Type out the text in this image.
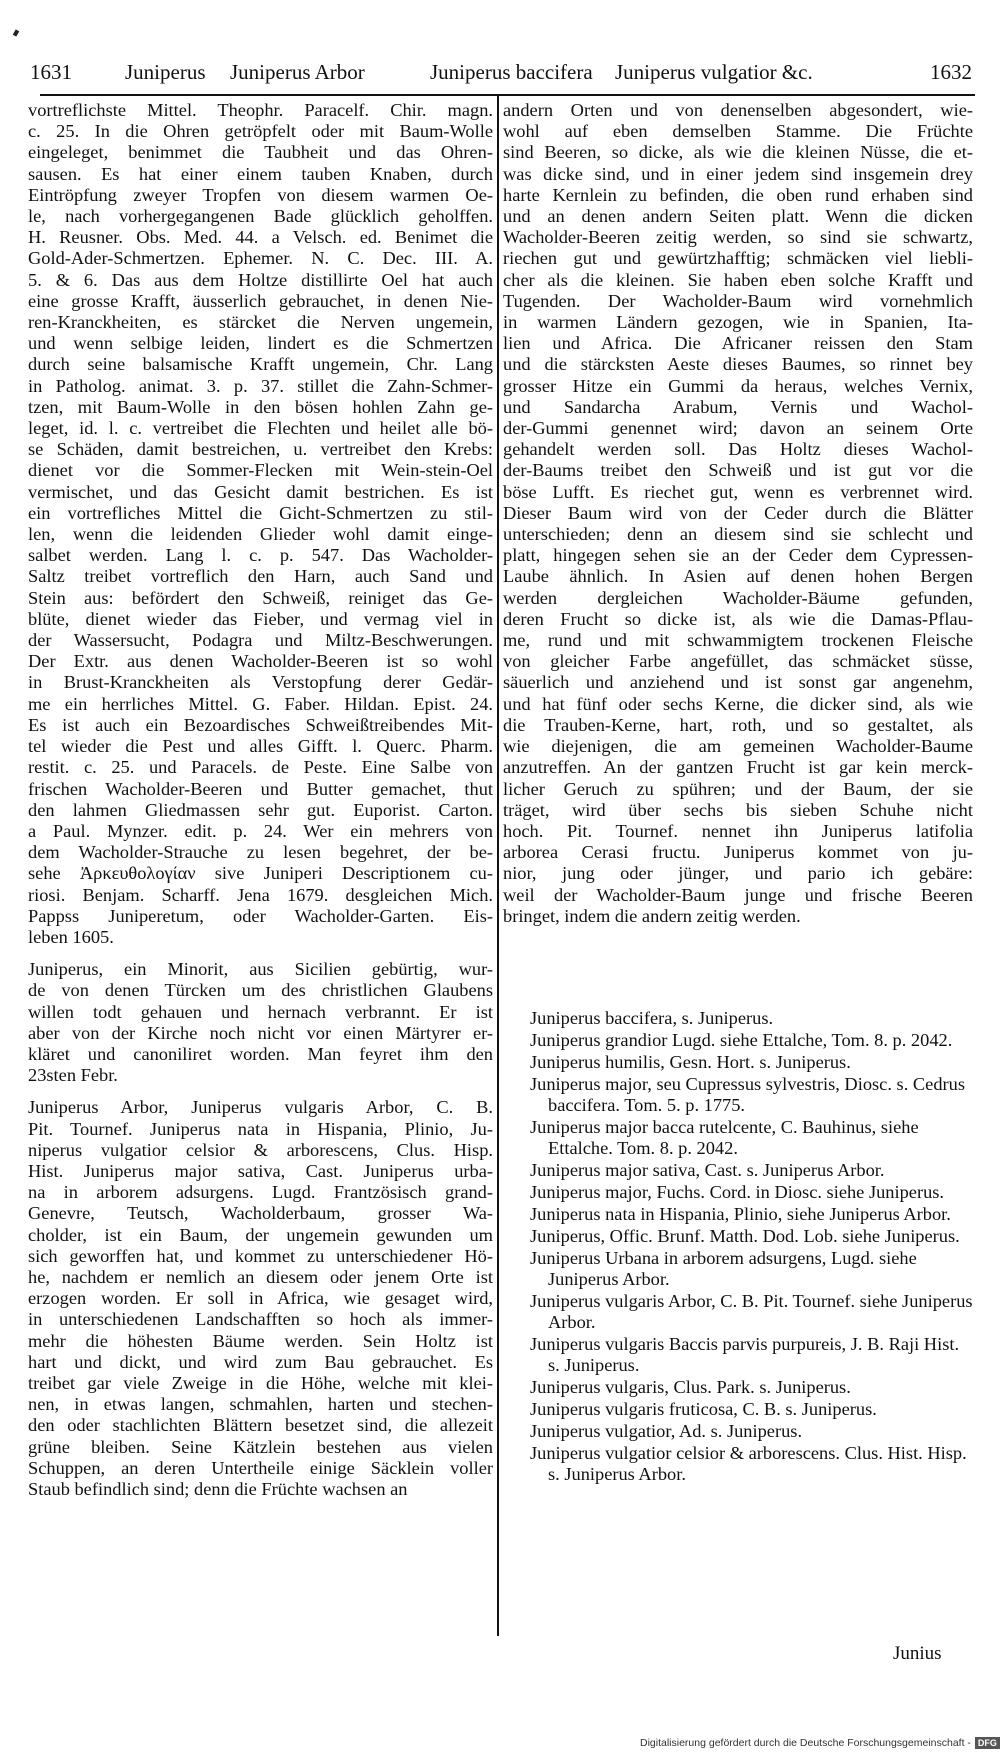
1631	Juniperus Juniperus Arbor	Juniperus baccifera Juniperus vulgatior &c.	1632
vortreflichste Mittel. Theophr. Paracelf. Chir. magn.
c. 25. In die Ohren getröpfelt oder mit Baum-Wolle
eingeleget, benimmet die Taubheit und das Ohren-
sausen. Es hat einer einem tauben Knaben, durch
Eintröpfung zweyer Tropfen von diesem warmen Oe-
le, nach vorhergegangenen Bade glücklich geholffen.
H. Reusner. Obs. Med. 44. a Velsch. ed. Benimet die
Gold-Ader-Schmertzen. Ephemer. N. C. Dec. III. A.
5. & 6. Das aus dem Holtze distillirte Oel hat auch
eine grosse Krafft, äusserlich gebrauchet, in denen Nie-
ren-Kranckheiten, es stärcket die Nerven ungemein,
und wenn selbige leiden, lindert es die Schmertzen
durch seine balsamische Krafft ungemein, Chr. Lang
in Patholog. animat. 3. p. 37. stillet die Zahn-Schmer-
tzen, mit Baum-Wolle in den bösen hohlen Zahn ge-
leget, id. l. c. vertreibet die Flechten und heilet alle bö-
se Schäden, damit bestreichen, u. vertreibet den Krebs:
dienet vor die Sommer-Flecken mit Wein-stein-Oel
vermischet, und das Gesicht damit bestrichen. Es ist
ein vortrefliches Mittel die Gicht-Schmertzen zu stil-
len, wenn die leidenden Glieder wohl damit einge-
salbet werden. Lang l. c. p. 547. Das Wacholder-
Saltz treibet vortreflich den Harn, auch Sand und
Stein aus: befördert den Schweiß, reiniget das Ge-
blüte, dienet wieder das Fieber, und vermag viel in
der Wassersucht, Podagra und Miltz-Beschwerungen.
Der Extr. aus denen Wacholder-Beeren ist so wohl
in Brust-Kranckheiten als Verstopfung derer Gedär-
me ein herrliches Mittel. G. Faber. Hildan. Epist. 24.
Es ist auch ein Bezoardisches Schweißtreibendes Mit-
tel wieder die Pest und alles Gifft. l. Querc. Pharm.
restit. c. 25. und Paracels. de Peste. Eine Salbe von
frischen Wacholder-Beeren und Butter gemachet, thut
den lahmen Gliedmassen sehr gut. Euporist. Carton.
a Paul. Mynzer. edit. p. 24. Wer ein mehrers von
dem Wacholder-Strauche zu lesen begehret, der be-
sehe Ἀρκευθολογίαν sive Juniperi Descriptionem cu-
riosi. Benjam. Scharff. Jena 1679. desgleichen Mich.
Pappss Juniperetum, oder Wacholder-Garten. Eis-
leben 1605.
Juniperus, ein Minorit, aus Sicilien gebürtig, wur-
de von denen Türcken um des christlichen Glaubens
willen todt gehauen und hernach verbrannt. Er ist
aber von der Kirche noch nicht vor einen Märtyrer er-
kläret und canoniliret worden. Man feyret ihm den
23sten Febr.
Juniperus Arbor, Juniperus vulgaris Arbor, C. B.
Pit. Tournef. Juniperus nata in Hispania, Plinio, Ju-
niperus vulgatior celsior & arborescens, Clus. Hisp.
Hist. Juniperus major sativa, Cast. Juniperus urba-
na in arborem adsurgens. Lugd. Frantzösisch grand-
Genevre, Teutsch, Wacholderbaum, grosser Wa-
cholder, ist ein Baum, der ungemein gewunden um
sich geworffen hat, und kommet zu unterschiedener Hö-
he, nachdem er nemlich an diesem oder jenem Orte ist
erzogen worden. Er soll in Africa, wie gesaget wird,
in unterschiedenen Landschafften so hoch als immer-
mehr die höhesten Bäume werden. Sein Holtz ist
hart und dickt, und wird zum Bau gebrauchet. Es
treibet gar viele Zweige in die Höhe, welche mit klei-
nen, in etwas langen, schmahlen, harten und stechen-
den oder stachlichten Blättern besetzet sind, die allezeit
grüne bleiben. Seine Kätzlein bestehen aus vielen
Schuppen, an deren Untertheile einige Säcklein voller
Staub befindlich sind; denn die Früchte wachsen an
andern Orten und von denenselben abgesondert, wie-
wohl auf eben demselben Stamme. Die Früchte
sind Beeren, so dicke, als wie die kleinen Nüsse, die et-
was dicke sind, und in einer jedem sind insgemein drey
harte Kernlein zu befinden, die oben rund erhaben sind
und an denen andern Seiten platt. Wenn die dicken
Wacholder-Beeren zeitig werden, so sind sie schwartz,
riechen gut und gewürtzhafftig; schmäcken viel liebli-
cher als die kleinen. Sie haben eben solche Krafft und
Tugenden. Der Wacholder-Baum wird vornehmlich
in warmen Ländern gezogen, wie in Spanien, Ita-
lien und Africa. Die Africaner reissen den Stam
und die stärcksten Aeste dieses Baumes, so rinnet bey
grosser Hitze ein Gummi da heraus, welches Vernix,
und Sandarcha Arabum, Vernis und Wachol-
der-Gummi genennet wird; davon an seinem Orte
gehandelt werden soll. Das Holtz dieses Wachol-
der-Baums treibet den Schweiß und ist gut vor die
böse Lufft. Es riechet gut, wenn es verbrennet wird.
Dieser Baum wird von der Ceder durch die Blätter
unterschieden; denn an diesem sind sie schlecht und
platt, hingegen sehen sie an der Ceder dem Cypressen-
Laube ähnlich. In Asien auf denen hohen Bergen
werden dergleichen Wacholder-Bäume gefunden,
deren Frucht so dicke ist, als wie die Damas-Pflau-
me, rund und mit schwammigtem trockenen Fleische
von gleicher Farbe angefüllet, das schmäcket süsse,
säuerlich und anziehend und ist sonst gar angenehm,
und hat fünf oder sechs Kerne, die dicker sind, als wie
die Trauben-Kerne, hart, roth, und so gestaltet, als
wie diejenigen, die am gemeinen Wacholder-Baume
anzutreffen. An der gantzen Frucht ist gar kein merck-
licher Geruch zu spühren; und der Baum, der sie
träget, wird über sechs bis sieben Schuhe nicht
hoch. Pit. Tournef. nennet ihn Juniperus latifolia
arborea Cerasi fructu. Juniperus kommet von ju-
nior, jung oder jünger, und pario ich gebäre:
weil der Wacholder-Baum junge und frische Beeren
bringet, indem die andern zeitig werden.
Juniperus baccifera, s. Juniperus.
Juniperus grandior Lugd. siehe Ettalche, Tom. 8. p. 2042.
Juniperus humilis, Gesn. Hort. s. Juniperus.
Juniperus major, seu Cupressus sylvestris, Diosc. s. Cedrus baccifera. Tom. 5. p. 1775.
Juniperus major bacca rutelcente, C. Bauhinus, siehe Ettalche. Tom. 8. p. 2042.
Juniperus major sativa, Cast. s. Juniperus Arbor.
Juniperus major, Fuchs. Cord. in Diosc. siehe Juniperus.
Juniperus nata in Hispania, Plinio, siehe Juniperus Arbor.
Juniperus, Offic. Brunf. Matth. Dod. Lob. siehe Juniperus.
Juniperus Urbana in arborem adsurgens, Lugd. siehe Juniperus Arbor.
Juniperus vulgaris Arbor, C. B. Pit. Tournef. siehe Juniperus Arbor.
Juniperus vulgaris Baccis parvis purpureis, J. B. Raji Hist. s. Juniperus.
Juniperus vulgaris, Clus. Park. s. Juniperus.
Juniperus vulgaris fruticosa, C. B. s. Juniperus.
Juniperus vulgatior, Ad. s. Juniperus.
Juniperus vulgatior celsior & arborescens. Clus. Hist. Hisp. s. Juniperus Arbor.
Junius
Digitalisierung gefördert durch die Deutsche Forschungsgemeinschaft - DFG
